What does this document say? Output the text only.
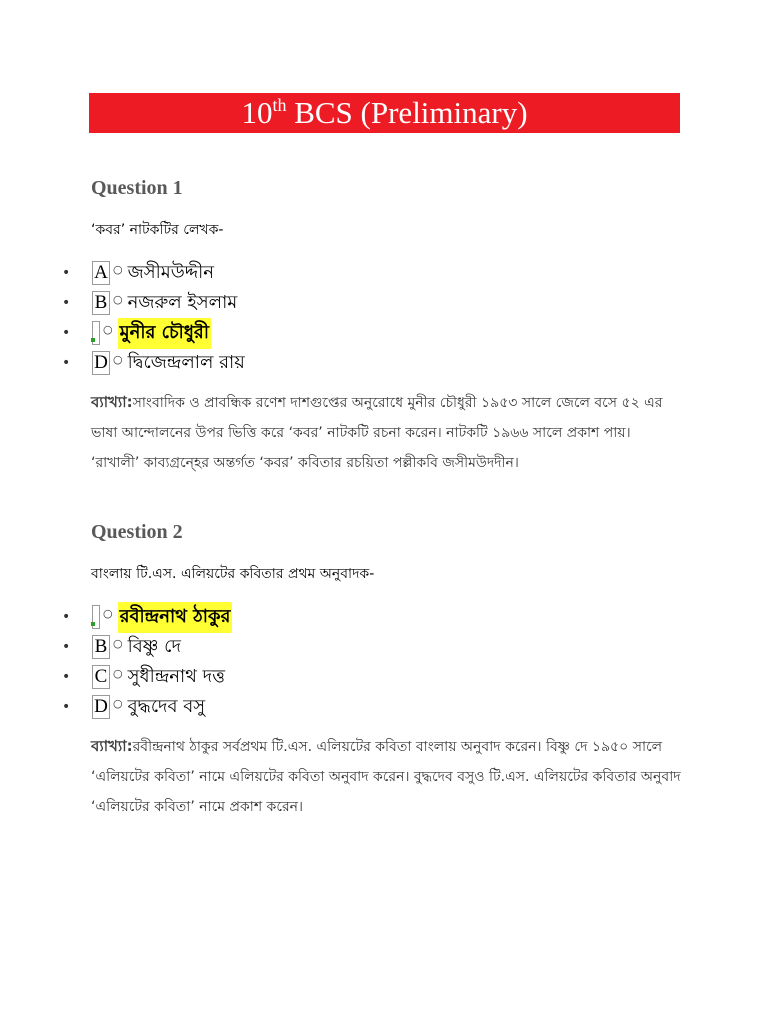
10th BCS (Preliminary)
Question 1
‘কবর’ নাটকটির লেখক-
•	A ○ জসীমউদ্দীন
•	B ○ নজরুল ইসলাম
•	○ মুনীর চৌধুরী
•	D ○ দ্বিজেন্দ্রলাল রায়
ব্যাখ্যা:সাংবাদিক ও প্রাবন্ধিক রণেশ দাশগুপ্তের অনুরোধে মুনীর চৌধুরী ১৯৫৩ সালে জেলে বসে ৫২ এর ভাষা আন্দোলনের উপর ভিত্তি করে ‘কবর’ নাটকটি রচনা করেন। নাটকটি ১৯৬৬ সালে প্রকাশ পায়। ‘রাখালী’ কাব্যগ্রন্হের অন্তর্গত ‘কবর’ কবিতার রচয়িতা পল্লীকবি জসীমউদদীন।
Question 2
বাংলায় টি.এস. এলিয়টের কবিতার প্রথম অনুবাদক-
•	○ রবীন্দ্রনাথ ঠাকুর
•	B ○ বিষ্ণু দে
•	C ○ সুধীন্দ্রনাথ দত্ত
•	D ○ বুদ্ধদেব বসু
ব্যাখ্যা:রবীন্দ্রনাথ ঠাকুর সর্বপ্রথম টি.এস. এলিয়টের কবিতা বাংলায় অনুবাদ করেন। বিষ্ণু দে ১৯৫০ সালে ‘এলিয়টের কবিতা’ নামে এলিয়টের কবিতা অনুবাদ করেন। বুদ্ধদেব বসুও টি.এস. এলিয়টের কবিতার অনুবাদ ‘এলিয়টের কবিতা’ নামে প্রকাশ করেন।
